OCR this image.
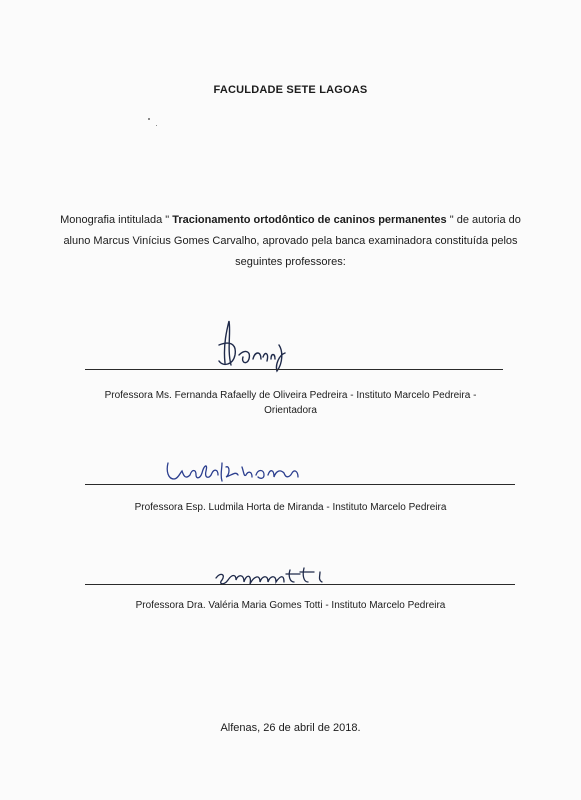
FACULDADE SETE LAGOAS
Monografia intitulada " Tracionamento ortodôntico de caninos permanentes " de autoria do aluno Marcus Vinícius Gomes Carvalho, aprovado pela banca examinadora constituída pelos seguintes professores:
Professora Ms. Fernanda Rafaelly de Oliveira Pedreira - Instituto Marcelo Pedreira -
Orientadora
Professora Esp. Ludmila Horta de Miranda - Instituto Marcelo Pedreira
Professora Dra. Valéria Maria Gomes Totti - Instituto Marcelo Pedreira
Alfenas, 26 de abril de 2018.
